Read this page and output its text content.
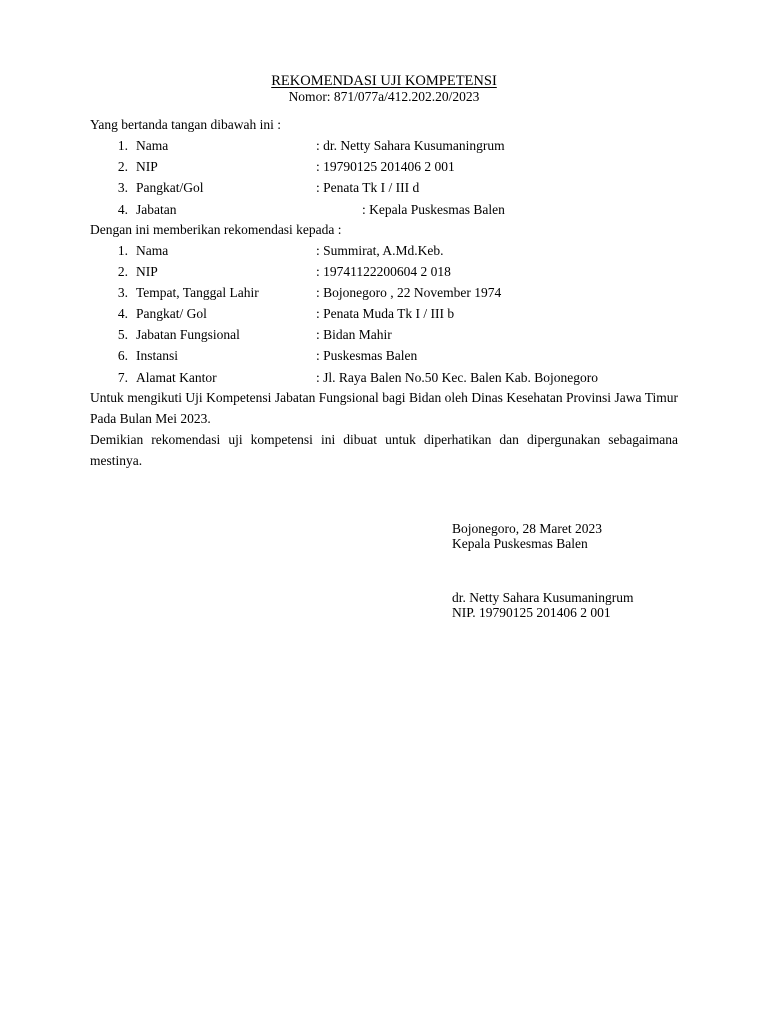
REKOMENDASI UJI KOMPETENSI
Nomor: 871/077a/412.202.20/2023
Yang bertanda tangan dibawah ini :
1. Nama	: dr. Netty Sahara Kusumaningrum
2. NIP	: 19790125 201406 2 001
3. Pangkat/Gol	: Penata Tk I / III d
4. Jabatan	: Kepala Puskesmas Balen
Dengan ini memberikan rekomendasi kepada :
1. Nama	: Summirat, A.Md.Keb.
2. NIP	: 19741122200604 2 018
3. Tempat, Tanggal Lahir	: Bojonegoro , 22 November 1974
4. Pangkat/ Gol	: Penata Muda Tk I / III b
5. Jabatan Fungsional	: Bidan Mahir
6. Instansi	: Puskesmas Balen
7. Alamat Kantor	: Jl. Raya Balen No.50 Kec. Balen Kab. Bojonegoro
Untuk mengikuti Uji Kompetensi Jabatan Fungsional bagi Bidan oleh Dinas Kesehatan Provinsi Jawa Timur Pada Bulan Mei 2023.
Demikian rekomendasi uji kompetensi ini dibuat untuk diperhatikan dan dipergunakan sebagaimana mestinya.
Bojonegoro, 28 Maret 2023
Kepala Puskesmas Balen
dr. Netty Sahara Kusumaningrum
NIP. 19790125 201406 2 001
